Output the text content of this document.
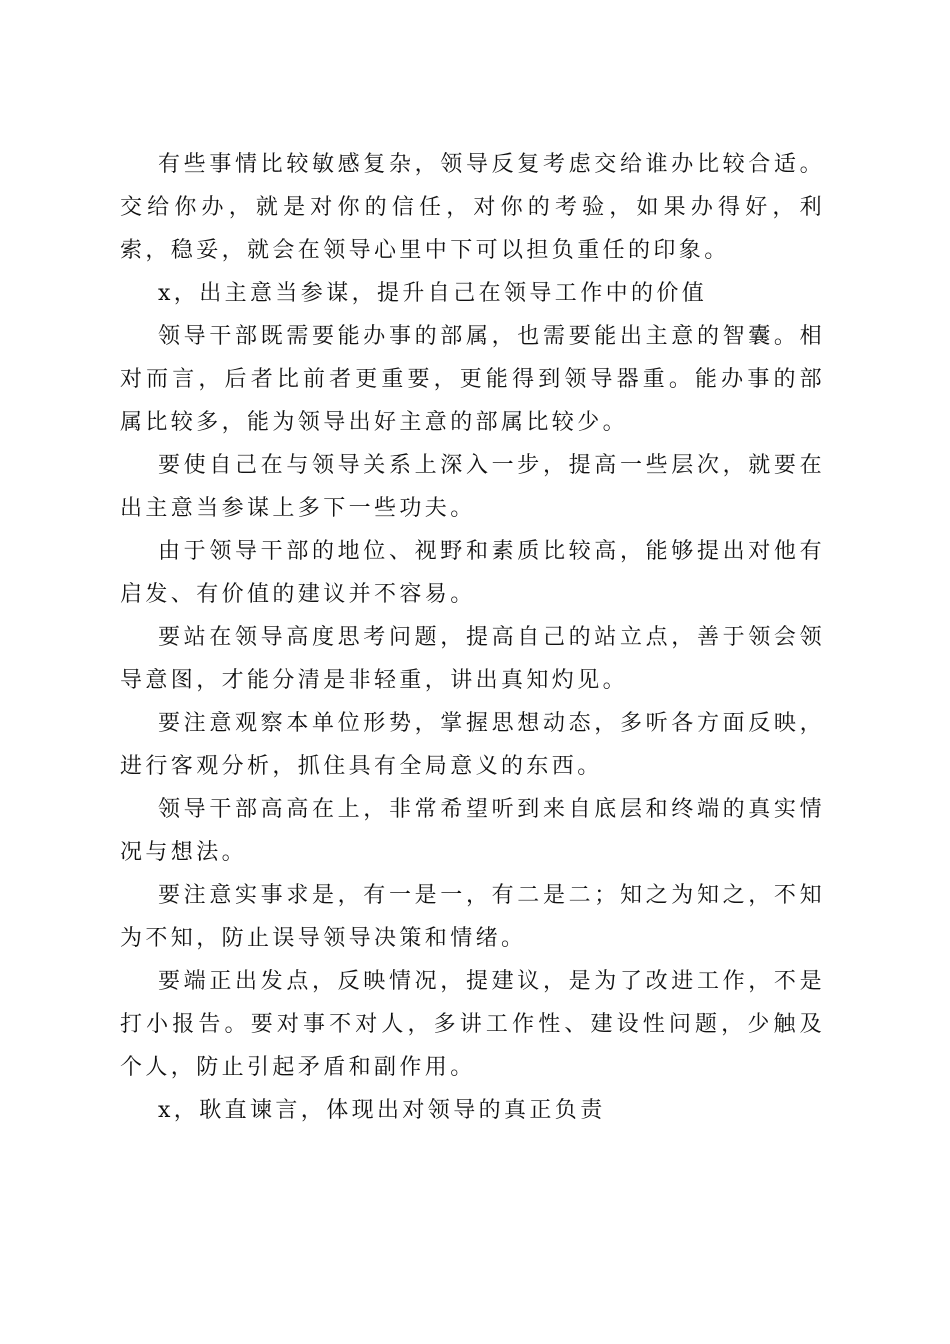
有些事情比较敏感复杂，领导反复考虑交给谁办比较合适。交给你办，就是对你的信任，对你的考验，如果办得好，利索，稳妥，就会在领导心里中下可以担负重任的印象。

x，出主意当参谋，提升自己在领导工作中的价值

领导干部既需要能办事的部属，也需要能出主意的智囊。相对而言，后者比前者更重要，更能得到领导器重。能办事的部属比较多，能为领导出好主意的部属比较少。

要使自己在与领导关系上深入一步，提高一些层次，就要在出主意当参谋上多下一些功夫。

由于领导干部的地位、视野和素质比较高，能够提出对他有启发、有价值的建议并不容易。

要站在领导高度思考问题，提高自己的站立点，善于领会领导意图，才能分清是非轻重，讲出真知灼见。

要注意观察本单位形势，掌握思想动态，多听各方面反映，进行客观分析，抓住具有全局意义的东西。

领导干部高高在上，非常希望听到来自底层和终端的真实情况与想法。

要注意实事求是，有一是一，有二是二；知之为知之，不知为不知，防止误导领导决策和情绪。

要端正出发点，反映情况，提建议，是为了改进工作，不是打小报告。要对事不对人，多讲工作性、建设性问题，少触及个人，防止引起矛盾和副作用。

x，耿直谏言，体现出对领导的真正负责
